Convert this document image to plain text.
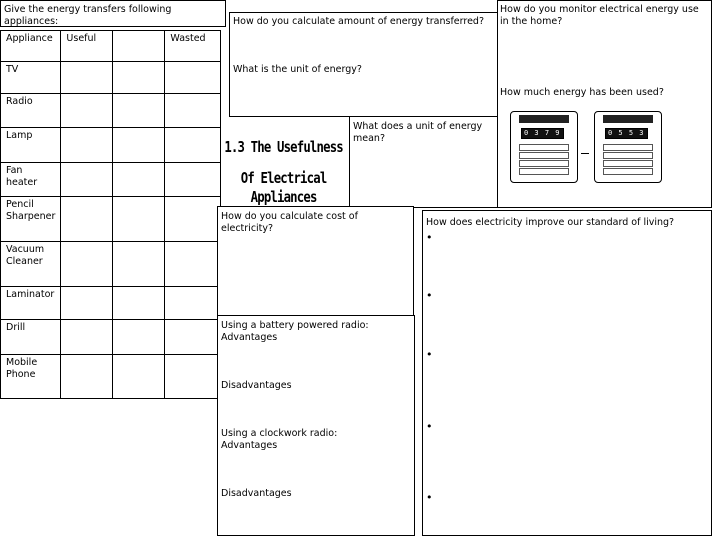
Give the energy transfers following appliances:
Appliance	Useful		Wasted
TV			
Radio			
Lamp			
Fan heater			
Pencil Sharpener			
Vacuum Cleaner			
Laminator			
Drill			
Mobile Phone			
How do you calculate amount of energy transferred?
What is the unit of energy?
How do you monitor electrical energy use in the home?
How much energy has been used?
0 3 7 9	0 5 5 3
What does a unit of energy mean?
1.3 The Usefulness
Of Electrical Appliances
How do you calculate cost of electricity?
Using a battery powered radio:
Advantages
Disadvantages
Using a clockwork radio:
Advantages
Disadvantages
How does electricity improve our standard of living?
•
•
•
•
•
